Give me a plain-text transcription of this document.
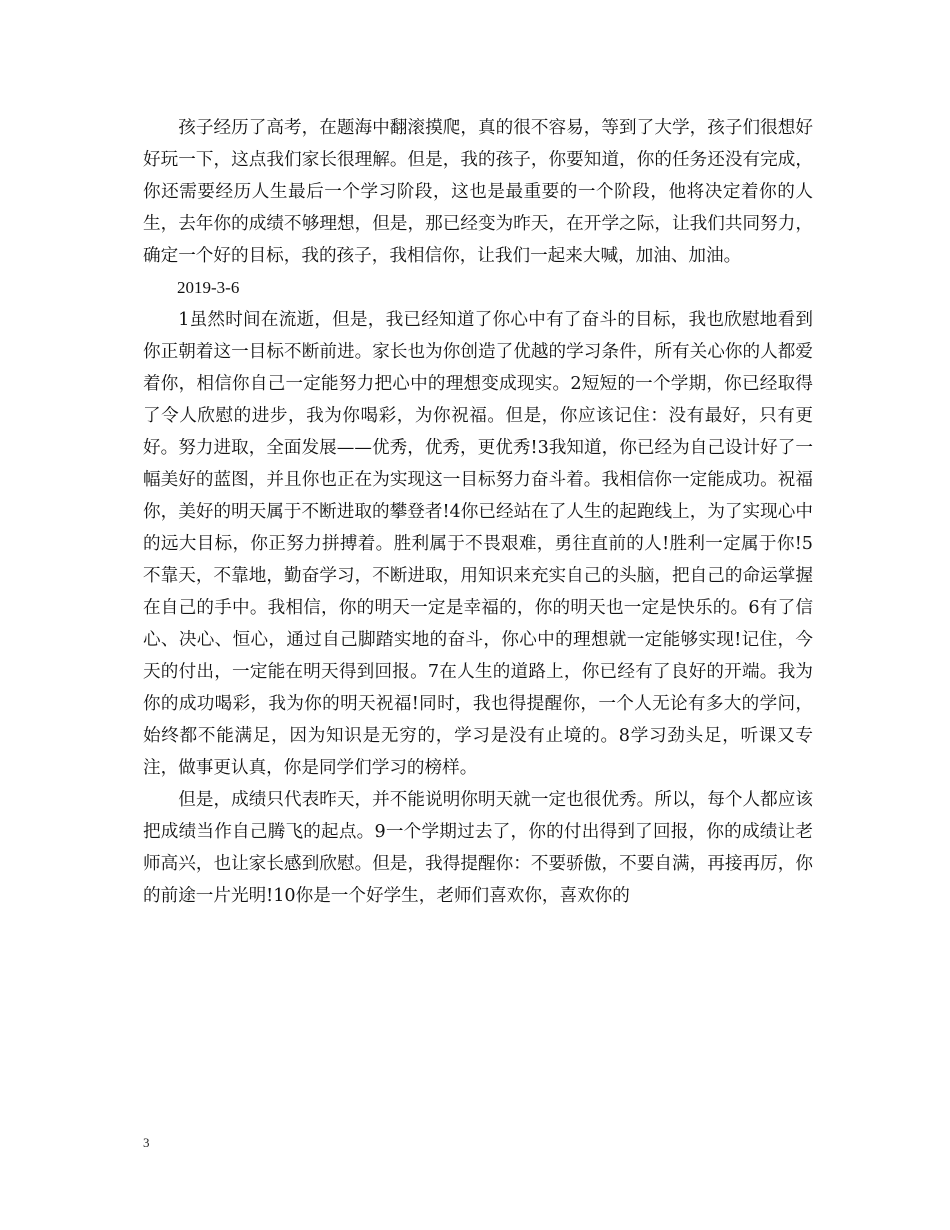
孩子经历了高考，在题海中翻滚摸爬，真的很不容易，等到了大学，孩子们很想好好玩一下，这点我们家长很理解。但是，我的孩子，你要知道，你的任务还没有完成，你还需要经历人生最后一个学习阶段，这也是最重要的一个阶段，他将决定着你的人生，去年你的成绩不够理想，但是，那已经变为昨天，在开学之际，让我们共同努力，确定一个好的目标，我的孩子，我相信你，让我们一起来大喊，加油、加油。

2019-3-6

1虽然时间在流逝，但是，我已经知道了你心中有了奋斗的目标，我也欣慰地看到你正朝着这一目标不断前进。家长也为你创造了优越的学习条件，所有关心你的人都爱着你，相信你自己一定能努力把心中的理想变成现实。2短短的一个学期，你已经取得了令人欣慰的进步，我为你喝彩，为你祝福。但是，你应该记住：没有最好，只有更好。努力进取，全面发展——优秀，优秀，更优秀!3我知道，你已经为自己设计好了一幅美好的蓝图，并且你也正在为实现这一目标努力奋斗着。我相信你一定能成功。祝福你，美好的明天属于不断进取的攀登者!4你已经站在了人生的起跑线上，为了实现心中的远大目标，你正努力拼搏着。胜利属于不畏艰难，勇往直前的人!胜利一定属于你!5不靠天，不靠地，勤奋学习，不断进取，用知识来充实自己的头脑，把自己的命运掌握在自己的手中。我相信，你的明天一定是幸福的，你的明天也一定是快乐的。6有了信心、决心、恒心，通过自己脚踏实地的奋斗，你心中的理想就一定能够实现!记住，今天的付出，一定能在明天得到回报。7在人生的道路上，你已经有了良好的开端。我为你的成功喝彩，我为你的明天祝福!同时，我也得提醒你，一个人无论有多大的学问，始终都不能满足，因为知识是无穷的，学习是没有止境的。8学习劲头足，听课又专注，做事更认真，你是同学们学习的榜样。

但是，成绩只代表昨天，并不能说明你明天就一定也很优秀。所以，每个人都应该把成绩当作自己腾飞的起点。9一个学期过去了，你的付出得到了回报，你的成绩让老师高兴，也让家长感到欣慰。但是，我得提醒你：不要骄傲，不要自满，再接再厉，你的前途一片光明!10你是一个好学生，老师们喜欢你，喜欢你的

3
